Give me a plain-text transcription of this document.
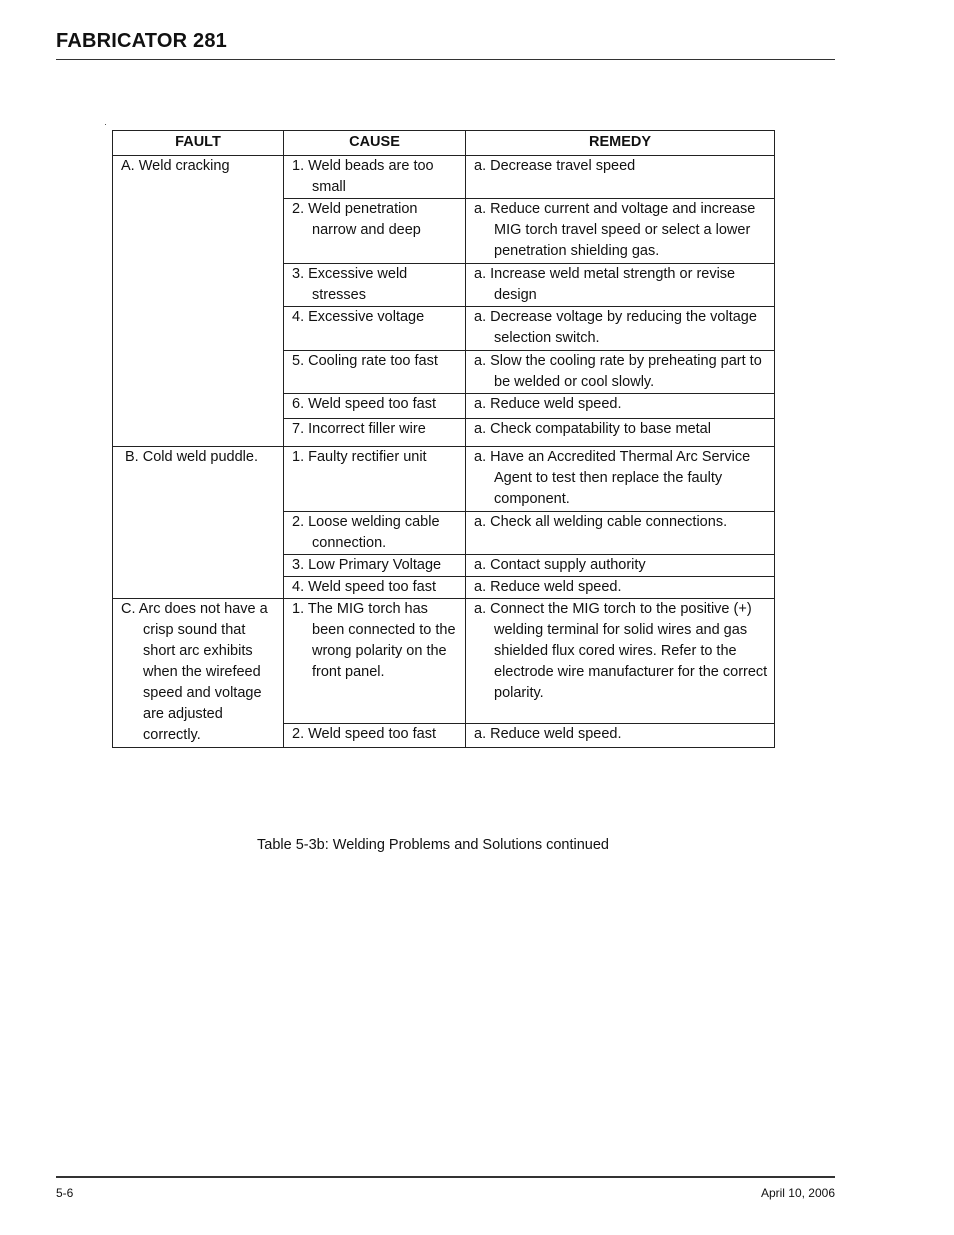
FABRICATOR 281
FAULT	CAUSE	REMEDY

A. Weld cracking	1. Weld beads are too small	a. Decrease travel speed

	2. Weld penetration narrow and deep	a. Reduce current and voltage and increase MIG torch travel speed or select a lower penetration shielding gas.

	3. Excessive weld stresses	a. Increase weld metal strength or revise design

	4. Excessive voltage	a. Decrease voltage by reducing the voltage selection switch.

	5. Cooling rate too fast	a. Slow the cooling rate by preheating part to be welded or cool slowly.

	6. Weld speed too fast	a. Reduce weld speed.

	7. Incorrect filler wire	a. Check compatability to base metal

B. Cold weld puddle.	1. Faulty rectifier unit	a. Have an Accredited Thermal Arc Service Agent to test then replace the faulty component.

	2. Loose welding cable connection.	a. Check all welding cable connections.

	3. Low Primary Voltage	a. Contact supply authority

	4. Weld speed too fast	a. Reduce weld speed.

C. Arc does not have a crisp sound that short arc exhibits when the wirefeed speed and voltage are adjusted correctly.	1. The MIG torch has been connected to the wrong polarity on the front panel.	a. Connect the MIG torch to the positive (+) welding terminal for solid wires and gas shielded flux cored wires. Refer to the electrode wire manufacturer for the correct polarity.

	2. Weld speed too fast	a. Reduce weld speed.
Table 5-3b: Welding Problems and Solutions continued
5-6	April 10, 2006
